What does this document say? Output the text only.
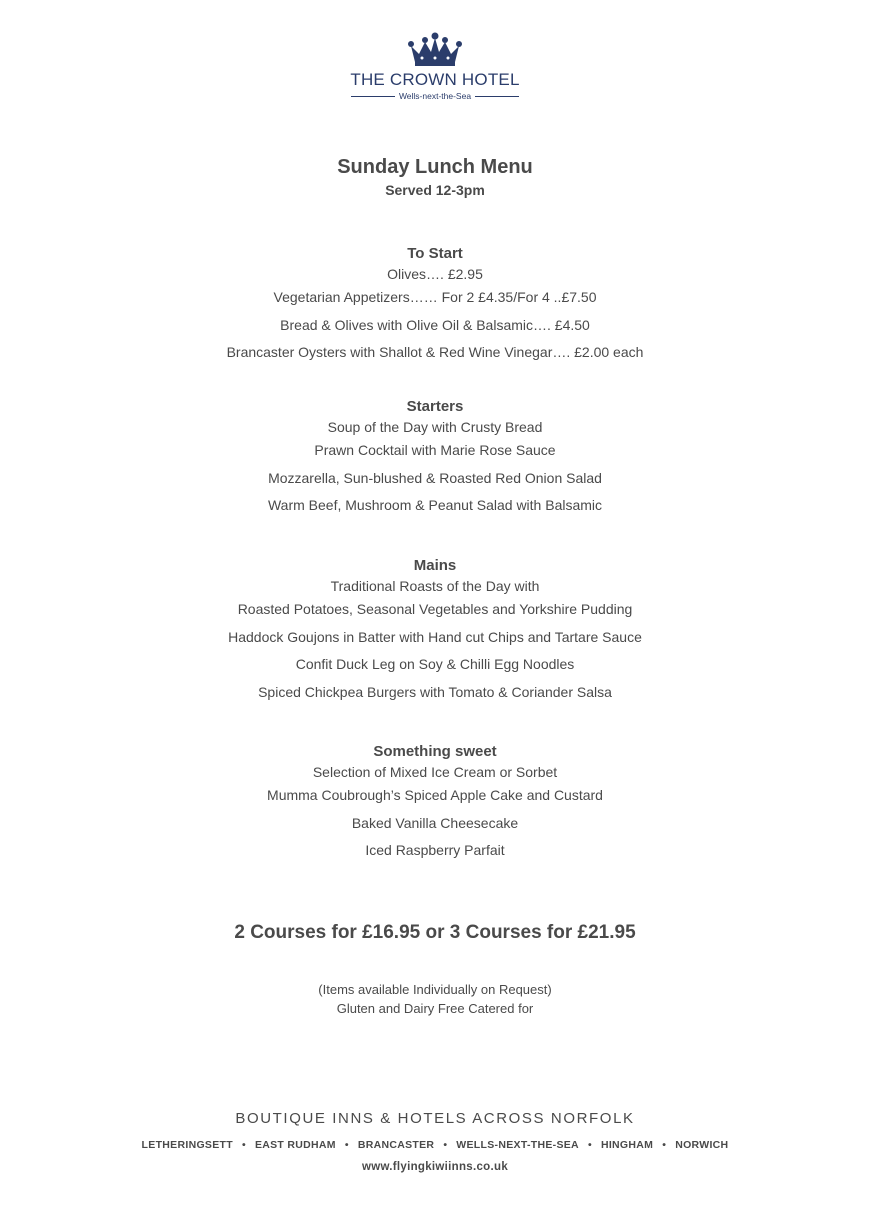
THE CROWN HOTEL
Wells-next-the-Sea
Sunday Lunch Menu
Served 12-3pm
To Start
Olives…. £2.95
Vegetarian Appetizers…… For 2 £4.35/For 4 ..£7.50
Bread & Olives with Olive Oil & Balsamic…. £4.50
Brancaster Oysters with Shallot & Red Wine Vinegar…. £2.00 each
Starters
Soup of the Day with Crusty Bread
Prawn Cocktail with Marie Rose Sauce
Mozzarella, Sun-blushed & Roasted Red Onion Salad
Warm Beef, Mushroom & Peanut Salad with Balsamic
Mains
Traditional Roasts of the Day with
Roasted Potatoes, Seasonal Vegetables and Yorkshire Pudding
Haddock Goujons in Batter with Hand cut Chips and Tartare Sauce
Confit Duck Leg on Soy & Chilli Egg Noodles
Spiced Chickpea Burgers with Tomato & Coriander Salsa
Something sweet
Selection of Mixed Ice Cream or Sorbet
Mumma Coubrough’s Spiced Apple Cake and Custard
Baked Vanilla Cheesecake
Iced Raspberry Parfait
2 Courses for £16.95 or 3 Courses for £21.95
(Items available Individually on Request)
Gluten and Dairy Free Catered for
BOUTIQUE INNS & HOTELS ACROSS NORFOLK
LETHERINGSETT • EAST RUDHAM • BRANCASTER • WELLS-NEXT-THE-SEA • HINGHAM • NORWICH
www.flyingkiwiinns.co.uk
